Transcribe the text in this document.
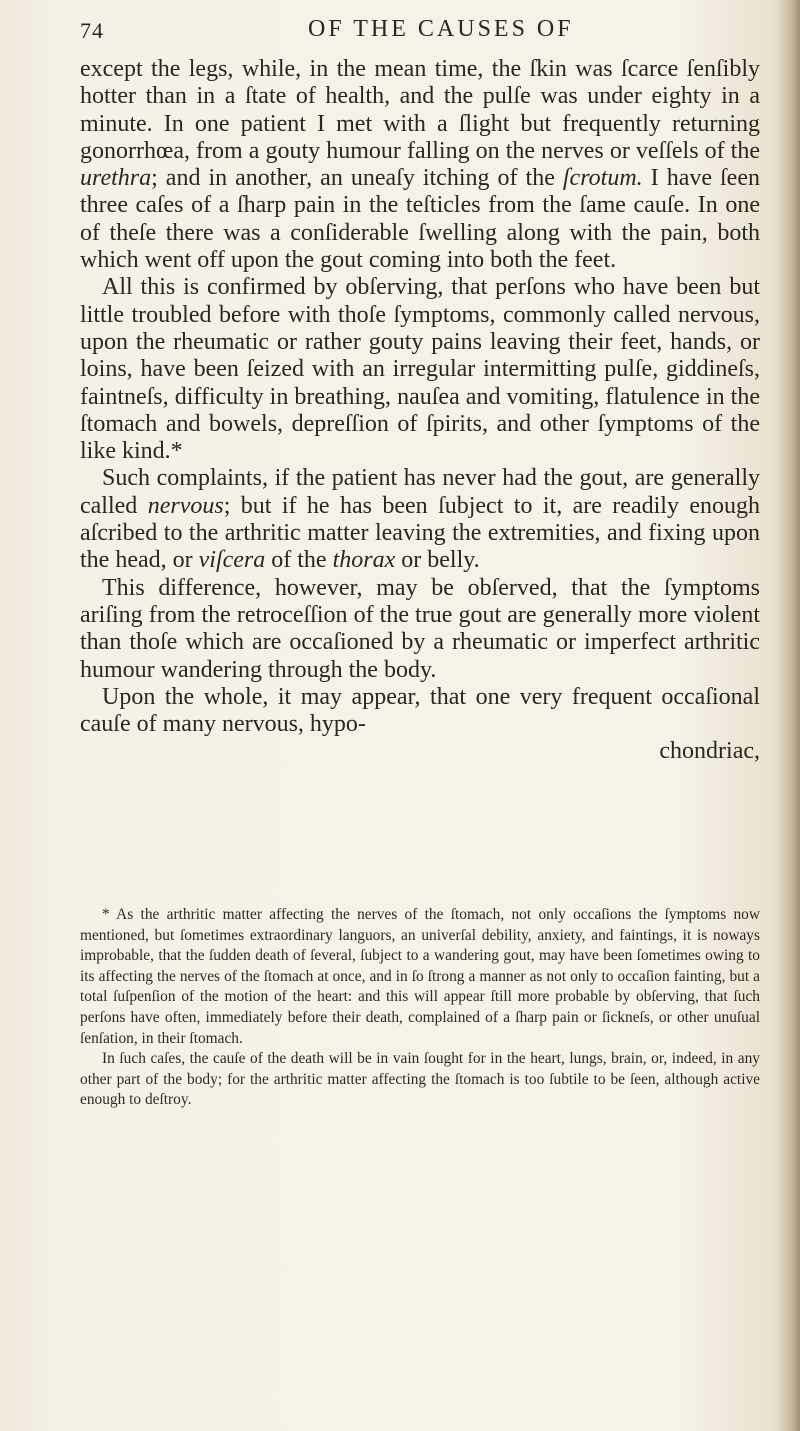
74	OF THE CAUSES OF

except the legs, while, in the mean time, the ſkin was ſcarce ſenſibly hotter than in a ſtate of health, and the pulſe was under eighty in a minute. In one patient I met with a ſlight but frequently returning gonorrhœa, from a gouty humour falling on the nerves or veſſels of the urethra; and in another, an uneaſy itching of the ſcrotum. I have ſeen three caſes of a ſharp pain in the teſticles from the ſame cauſe. In one of theſe there was a conſiderable ſwelling along with the pain, both which went off upon the gout coming into both the feet.

All this is confirmed by obſerving, that perſons who have been but little troubled before with thoſe ſymptoms, commonly called nervous, upon the rheumatic or rather gouty pains leaving their feet, hands, or loins, have been ſeized with an irregular intermitting pulſe, giddineſs, faintneſs, difficulty in breathing, nauſea and vomiting, flatulence in the ſtomach and bowels, depreſſion of ſpirits, and other ſymptoms of the like kind.*

Such complaints, if the patient has never had the gout, are generally called nervous; but if he has been ſubject to it, are readily enough aſcribed to the arthritic matter leaving the extremities, and fixing upon the head, or viſcera of the thorax or belly.

This difference, however, may be obſerved, that the ſymptoms ariſing from the retroceſſion of the true gout are generally more violent than thoſe which are occaſioned by a rheumatic or imperfect arthritic humour wandering through the body.

Upon the whole, it may appear, that one very frequent occaſional cauſe of many nervous, hypo-

chondriac,

* As the arthritic matter affecting the nerves of the ſtomach, not only occaſions the ſymptoms now mentioned, but ſometimes extraordinary languors, an univerſal debility, anxiety, and faintings, it is noways improbable, that the ſudden death of ſeveral, ſubject to a wandering gout, may have been ſometimes owing to its affecting the nerves of the ſtomach at once, and in ſo ſtrong a manner as not only to occaſion fainting, but a total ſuſpenſion of the motion of the heart: and this will appear ſtill more probable by obſerving, that ſuch perſons have often, immediately before their death, complained of a ſharp pain or ſickneſs, or other unuſual ſenſation, in their ſtomach.

In ſuch caſes, the cauſe of the death will be in vain ſought for in the heart, lungs, brain, or, indeed, in any other part of the body; for the arthritic matter affecting the ſtomach is too ſubtile to be ſeen, although active enough to deſtroy.
